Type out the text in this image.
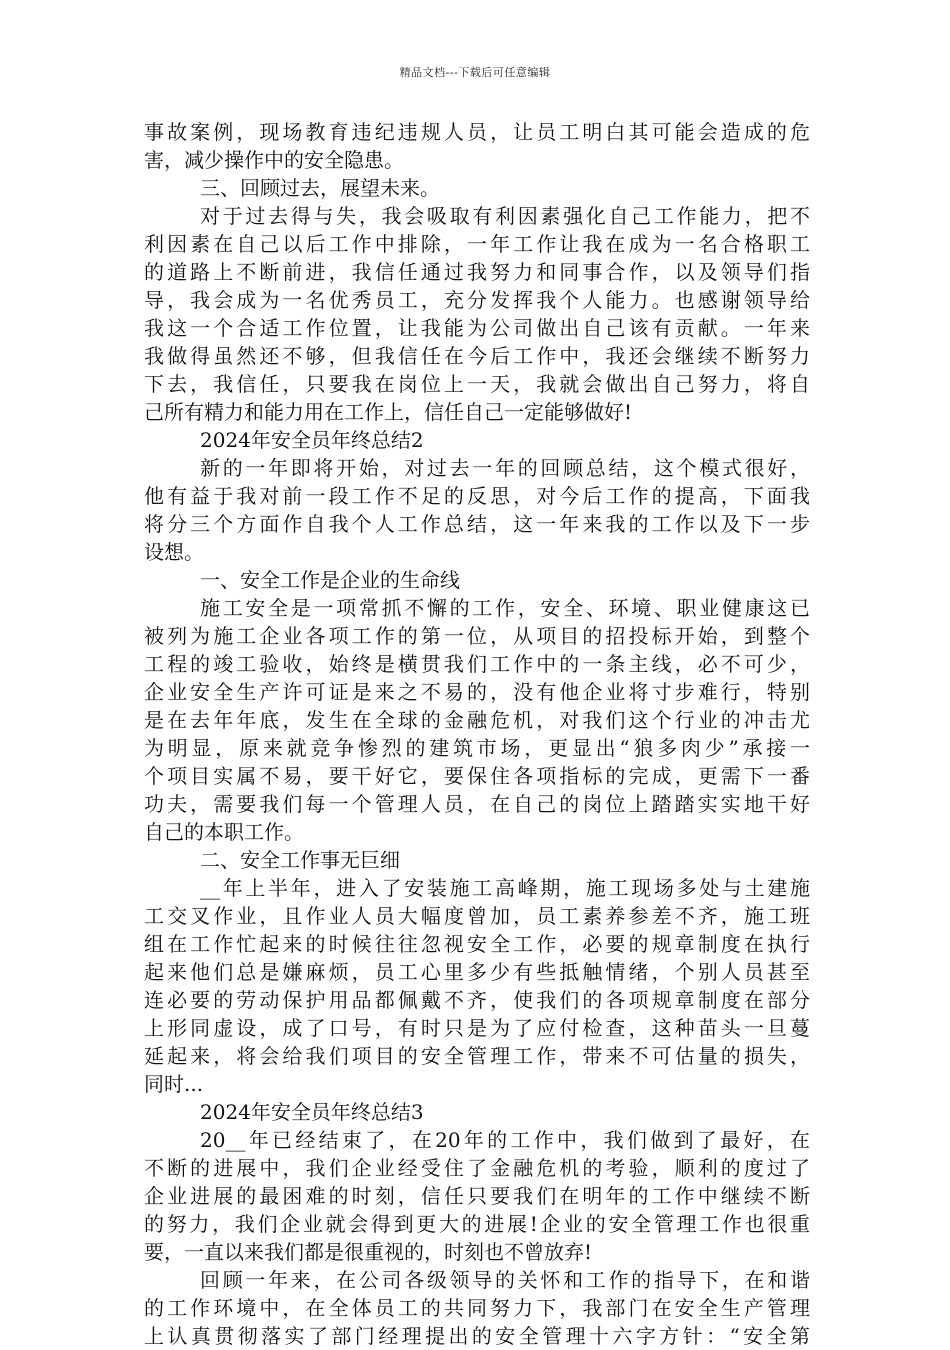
精品文档---下载后可任意编辑
事故案例，现场教育违纪违规人员，让员工明白其可能会造成的危
害，减少操作中的安全隐患。
三、回顾过去，展望未来。
对于过去得与失，我会吸取有利因素强化自己工作能力，把不
利因素在自己以后工作中排除，一年工作让我在成为一名合格职工
的道路上不断前进，我信任通过我努力和同事合作，以及领导们指
导，我会成为一名优秀员工，充分发挥我个人能力。也感谢领导给
我这一个合适工作位置，让我能为公司做出自己该有贡献。一年来
我做得虽然还不够，但我信任在今后工作中，我还会继续不断努力
下去，我信任，只要我在岗位上一天，我就会做出自己努力，将自
己所有精力和能力用在工作上，信任自己一定能够做好!
2024年安全员年终总结2
新的一年即将开始，对过去一年的回顾总结，这个模式很好，
他有益于我对前一段工作不足的反思，对今后工作的提高，下面我
将分三个方面作自我个人工作总结，这一年来我的工作以及下一步
设想。
一、安全工作是企业的生命线
施工安全是一项常抓不懈的工作，安全、环境、职业健康这已
被列为施工企业各项工作的第一位，从项目的招投标开始，到整个
工程的竣工验收，始终是横贯我们工作中的一条主线，必不可少，
企业安全生产许可证是来之不易的，没有他企业将寸步难行，特别
是在去年年底，发生在全球的金融危机，对我们这个行业的冲击尤
为明显，原来就竞争惨烈的建筑市场，更显出“狼多肉少”承接一
个项目实属不易，要干好它，要保住各项指标的完成，更需下一番
功夫，需要我们每一个管理人员，在自己的岗位上踏踏实实地干好
自己的本职工作。
二、安全工作事无巨细
__年上半年，进入了安装施工高峰期，施工现场多处与土建施
工交叉作业，且作业人员大幅度曾加，员工素养参差不齐，施工班
组在工作忙起来的时候往往忽视安全工作，必要的规章制度在执行
起来他们总是嫌麻烦，员工心里多少有些抵触情绪，个别人员甚至
连必要的劳动保护用品都佩戴不齐，使我们的各项规章制度在部分
上形同虚设，成了口号，有时只是为了应付检查，这种苗头一旦蔓
延起来，将会给我们项目的安全管理工作，带来不可估量的损失，
同时...
2024年安全员年终总结3
20__年已经结束了，在20年的工作中，我们做到了最好，在
不断的进展中，我们企业经受住了金融危机的考验，顺利的度过了
企业进展的最困难的时刻，信任只要我们在明年的工作中继续不断
的努力，我们企业就会得到更大的进展!企业的安全管理工作也很重
要，一直以来我们都是很重视的，时刻也不曾放弃!
回顾一年来，在公司各级领导的关怀和工作的指导下，在和谐
的工作环境中，在全体员工的共同努力下，我部门在安全生产管理
上认真贯彻落实了部门经理提出的安全管理十六字方针：“安全第
